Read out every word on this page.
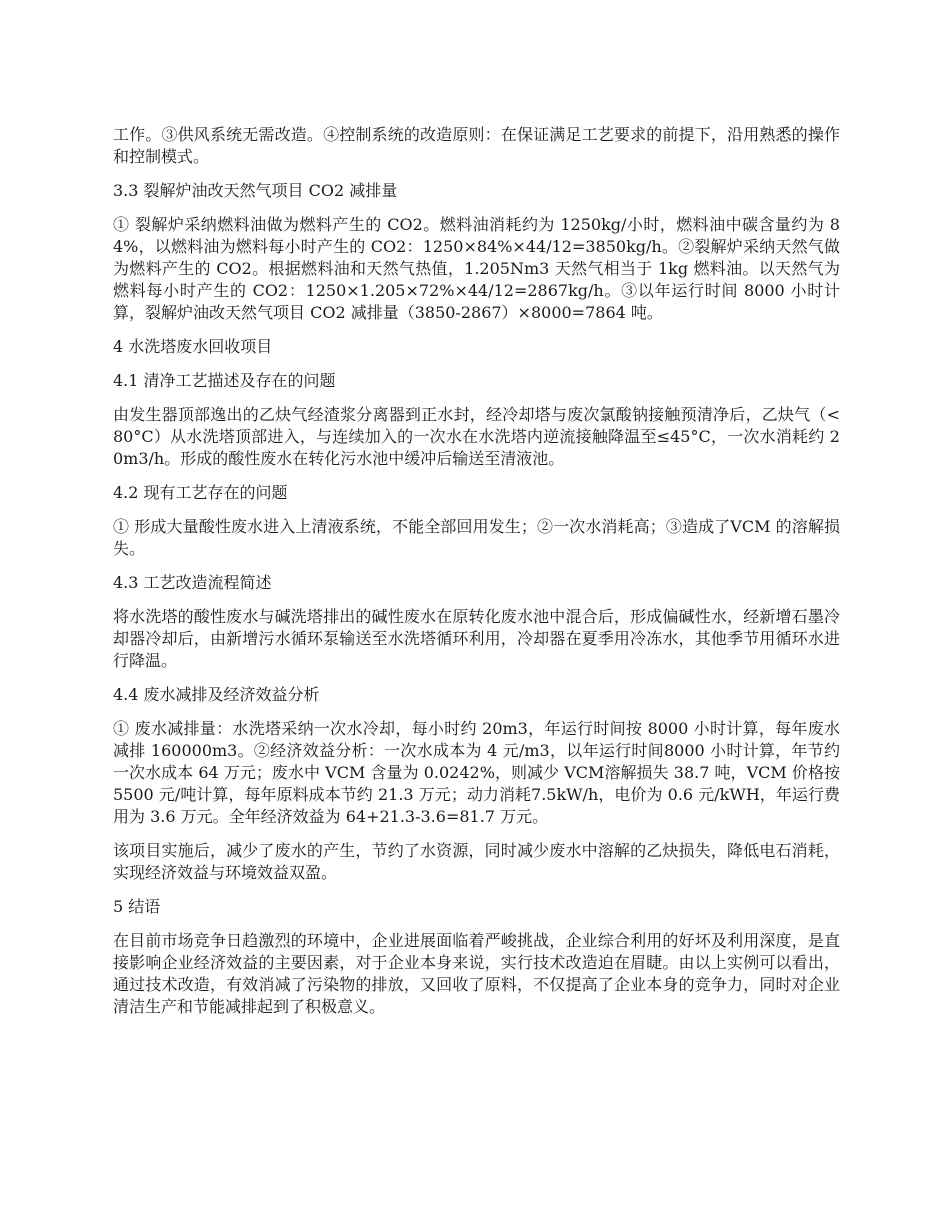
工作。③供风系统无需改造。④控制系统的改造原则：在保证满足工艺要求的前提下，沿用熟悉的操作和控制模式。

3.3 裂解炉油改天然气项目 CO2 减排量

① 裂解炉采纳燃料油做为燃料产生的 CO2。燃料油消耗约为 1250kg/小时，燃料油中碳含量约为 84%，以燃料油为燃料每小时产生的 CO2：1250×84%×44/12=3850kg/h。②裂解炉采纳天然气做为燃料产生的 CO2。根据燃料油和天然气热值，1.205Nm3 天然气相当于 1kg 燃料油。以天然气为燃料每小时产生的 CO2：1250×1.205×72%×44/12=2867kg/h。③以年运行时间 8000 小时计算，裂解炉油改天然气项目 CO2 减排量（3850-2867）×8000=7864 吨。

4 水洗塔废水回收项目

4.1 清净工艺描述及存在的问题

由发生器顶部逸出的乙炔气经渣浆分离器到正水封，经冷却塔与废次氯酸钠接触预清净后，乙炔气（<80°C）从水洗塔顶部进入，与连续加入的一次水在水洗塔内逆流接触降温至≤45°C，一次水消耗约 20m3/h。形成的酸性废水在转化污水池中缓冲后输送至清液池。

4.2 现有工艺存在的问题

① 形成大量酸性废水进入上清液系统，不能全部回用发生；②一次水消耗高；③造成了VCM 的溶解损失。

4.3 工艺改造流程简述

将水洗塔的酸性废水与碱洗塔排出的碱性废水在原转化废水池中混合后，形成偏碱性水，经新增石墨冷却器冷却后，由新增污水循环泵输送至水洗塔循环利用，冷却器在夏季用冷冻水，其他季节用循环水进行降温。

4.4 废水减排及经济效益分析

① 废水减排量：水洗塔采纳一次水冷却，每小时约 20m3，年运行时间按 8000 小时计算，每年废水减排 160000m3。②经济效益分析：一次水成本为 4 元/m3，以年运行时间8000 小时计算，年节约一次水成本 64 万元；废水中 VCM 含量为 0.0242%，则减少 VCM溶解损失 38.7 吨，VCM 价格按 5500 元/吨计算，每年原料成本节约 21.3 万元；动力消耗7.5kW/h，电价为 0.6 元/kWH，年运行费用为 3.6 万元。全年经济效益为 64+21.3-3.6=81.7 万元。

该项目实施后，减少了废水的产生，节约了水资源，同时减少废水中溶解的乙炔损失，降低电石消耗，实现经济效益与环境效益双盈。

5 结语

在目前市场竞争日趋激烈的环境中，企业进展面临着严峻挑战，企业综合利用的好坏及利用深度，是直接影响企业经济效益的主要因素，对于企业本身来说，实行技术改造迫在眉睫。由以上实例可以看出，通过技术改造，有效消减了污染物的排放，又回收了原料，不仅提高了企业本身的竞争力，同时对企业清洁生产和节能减排起到了积极意义。
